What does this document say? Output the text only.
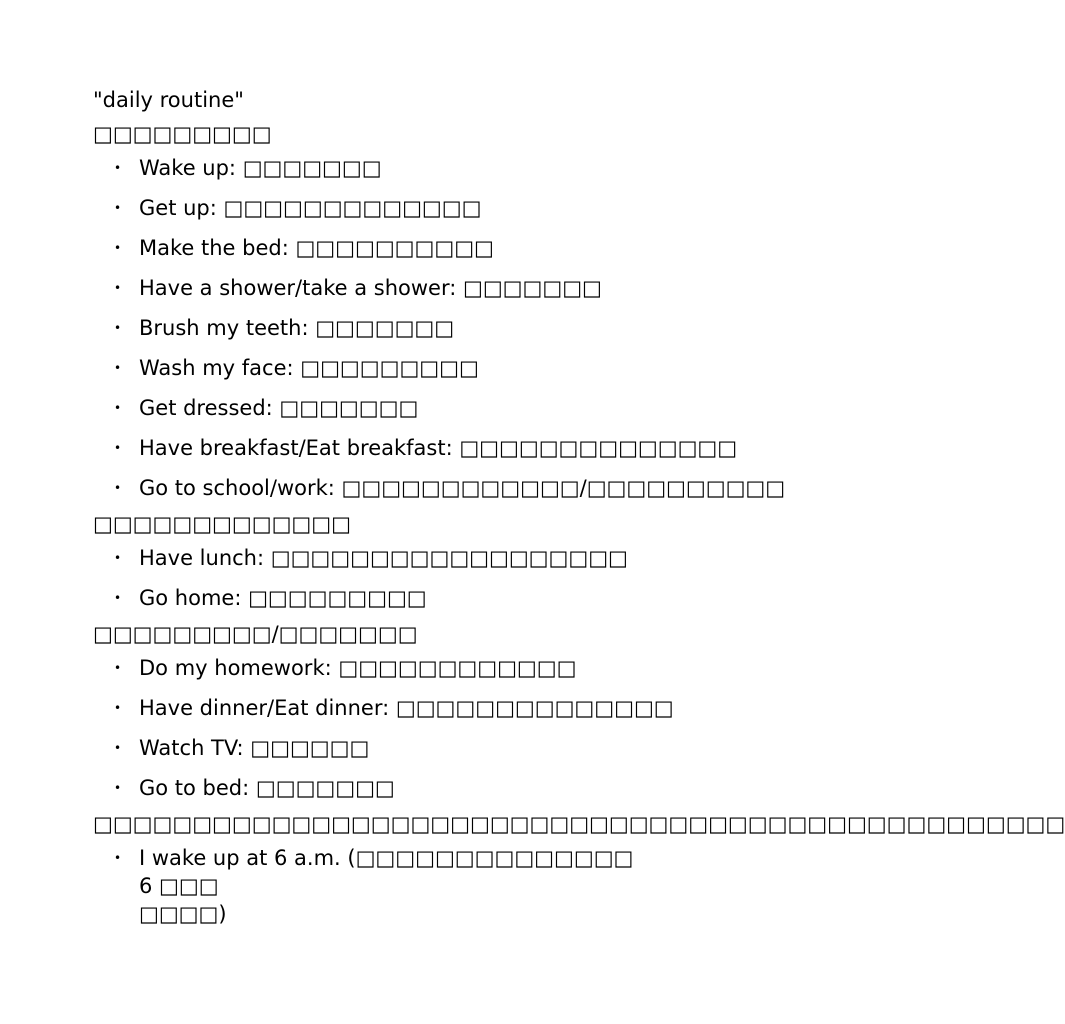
"daily routine"

□□□□□□□□□

• Wake up: □□□□□□□
• Get up: □□□□□□□□□□□□□
• Make the bed: □□□□□□□□□□
• Have a shower/take a shower: □□□□□□□
• Brush my teeth: □□□□□□□
• Wash my face: □□□□□□□□□
• Get dressed: □□□□□□□
• Have breakfast/Eat breakfast: □□□□□□□□□□□□□□
• Go to school/work: □□□□□□□□□□□□/□□□□□□□□□□

□□□□□□□□□□□□□

• Have lunch: □□□□□□□□□□□□□□□□□□
• Go home: □□□□□□□□□

□□□□□□□□□/□□□□□□□

• Do my homework: □□□□□□□□□□□□
• Have dinner/Eat dinner: □□□□□□□□□□□□□□
• Watch TV: □□□□□□
• Go to bed: □□□□□□□

□□□□□□□□□□□□□□□□□□□□□□□□□□□□□□□□□□□□□□□□□□□□□□□□□

• I wake up at 6 a.m. (□□□□□□□□□□□□□□ 6 □□□
□□□□)
